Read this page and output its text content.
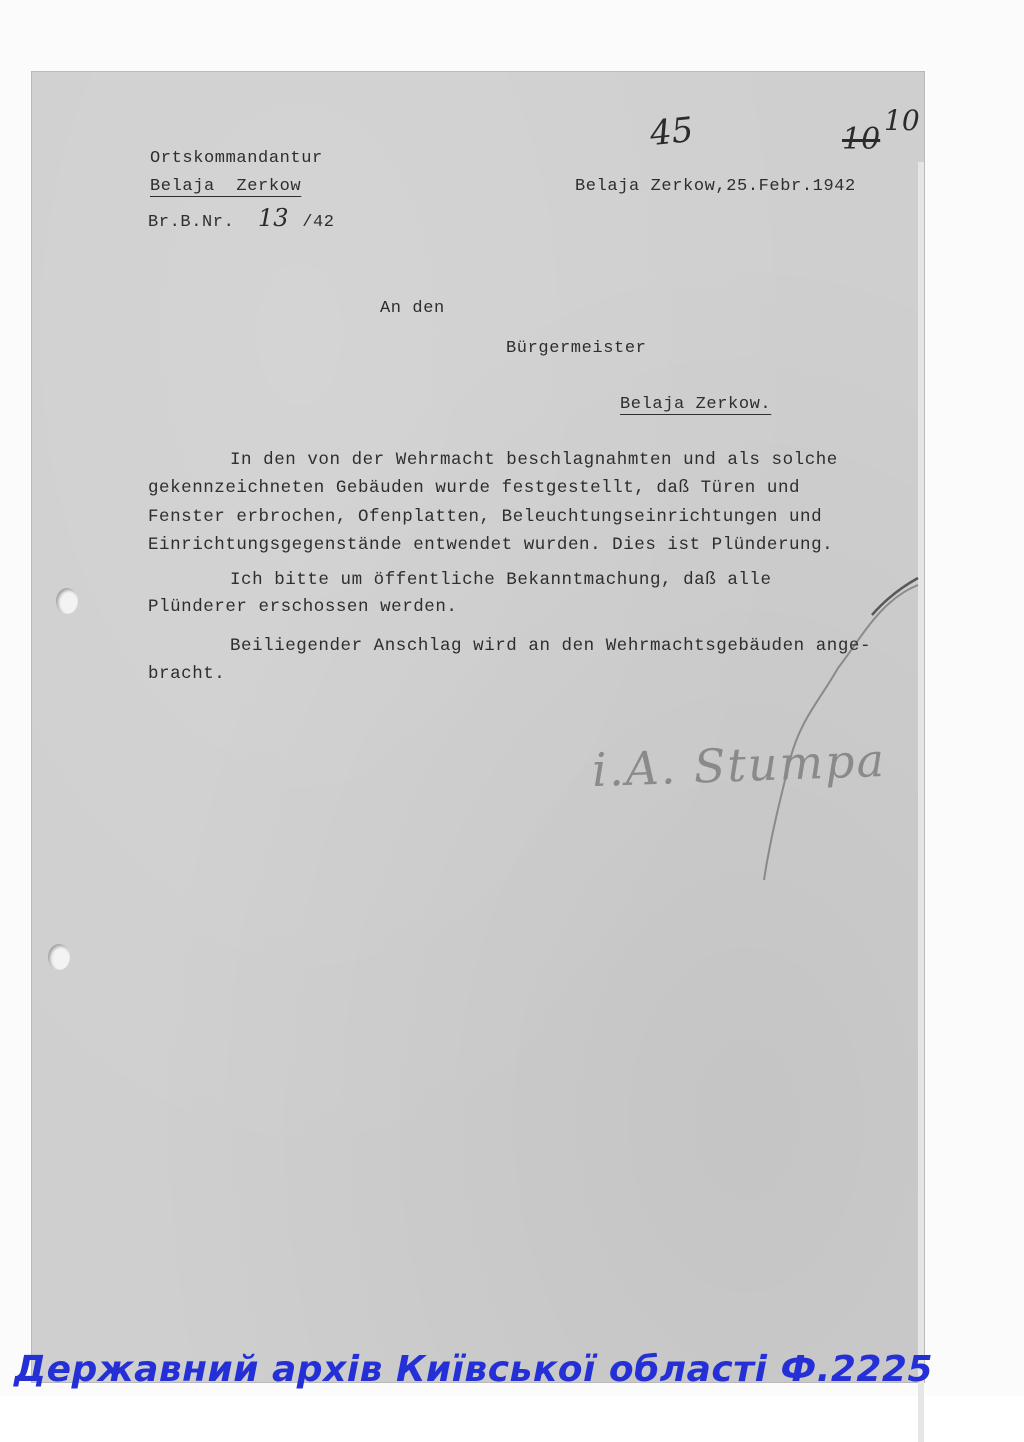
45	10
10
Ortskommandantur
Belaja  Zerkow
Br.B.Nr. 13 /42
Belaja Zerkow,25.Febr.1942
An den
Bürgermeister
Belaja Zerkow.
In den von der Wehrmacht beschlagnahmten und als solche
gekennzeichneten Gebäuden wurde festgestellt, daß Türen und
Fenster erbrochen, Ofenplatten, Beleuchtungseinrichtungen und
Einrichtungsgegenstände entwendet wurden. Dies ist Plünderung.
Ich bitte um öffentliche Bekanntmachung, daß alle
Plünderer erschossen werden.
Beiliegender Anschlag wird an den Wehrmachtsgebäuden ange-
bracht.
i.A. Stumpa
Державний архів Київської області Ф.2225
